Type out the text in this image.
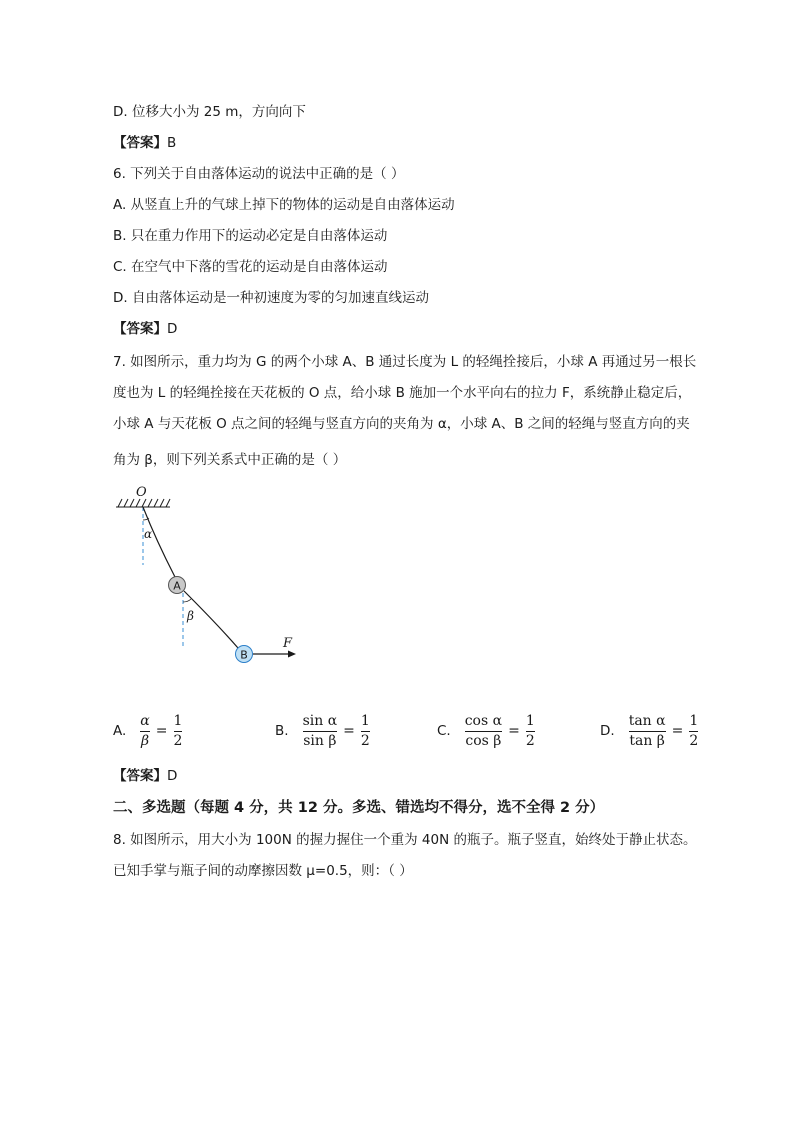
D. 位移大小为 25 m，方向向下
【答案】B
6. 下列关于自由落体运动的说法中正确的是（ ）
A. 从竖直上升的气球上掉下的物体的运动是自由落体运动
B. 只在重力作用下的运动必定是自由落体运动
C. 在空气中下落的雪花的运动是自由落体运动
D. 自由落体运动是一种初速度为零的匀加速直线运动
【答案】D
7. 如图所示，重力均为 G 的两个小球 A、B 通过长度为 L 的轻绳拴接后，小球 A 再通过另一根长
度也为 L 的轻绳拴接在天花板的 O 点，给小球 B 施加一个水平向右的拉力 F，系统静止稳定后，
小球 A 与天花板 O 点之间的轻绳与竖直方向的夹角为 α，小球 A、B 之间的轻绳与竖直方向的夹
角为 β，则下列关系式中正确的是（ ）
O
α
β
A
B
F
A. $\frac{\alpha}{\beta} = \frac{1}{2}$	B. $\frac{\text{sin α}}{\text{sin β}} = \frac{1}{2}$	C. $\frac{\text{cos α}}{\text{cos β}} = \frac{1}{2}$	D. $\frac{\text{tan α}}{\text{tan β}} = \frac{1}{2}$
【答案】D
二、多选题（每题 4 分，共 12 分。多选、错选均不得分，选不全得 2 分）
8. 如图所示，用大小为 100N 的握力握住一个重为 40N 的瓶子。瓶子竖直，始终处于静止状态。
已知手掌与瓶子间的动摩擦因数 μ=0.5，则：（ ）
